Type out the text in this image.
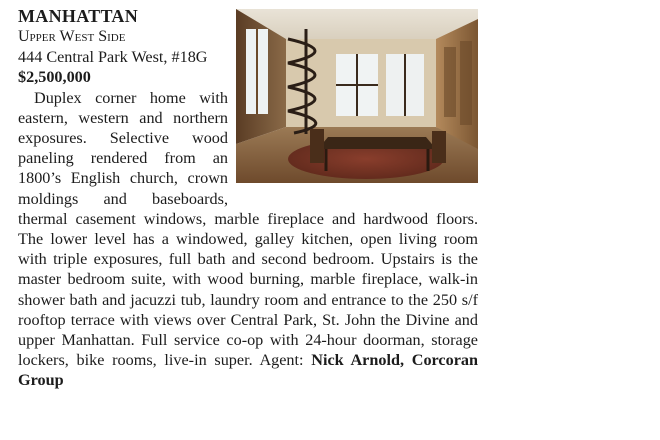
MANHATTAN
Upper West Side
444 Central Park West, #18G
$2,500,000
Duplex corner home with eastern, western and northern exposures. Selective wood paneling rendered from an 1800’s English church, crown moldings and baseboards, thermal casement windows, marble fireplace and hardwood floors. The lower level has a windowed, galley kitchen, open living room with triple exposures, full bath and second bedroom. Upstairs is the master bedroom suite, with wood burning, marble fireplace, walk-in shower bath and jacuzzi tub, laundry room and entrance to the 250 s/f rooftop terrace with views over Central Park, St. John the Divine and upper Manhattan. Full service co-op with 24-hour doorman, storage lockers, bike rooms, live-in super. Agent: Nick Arnold, Corcoran Group
